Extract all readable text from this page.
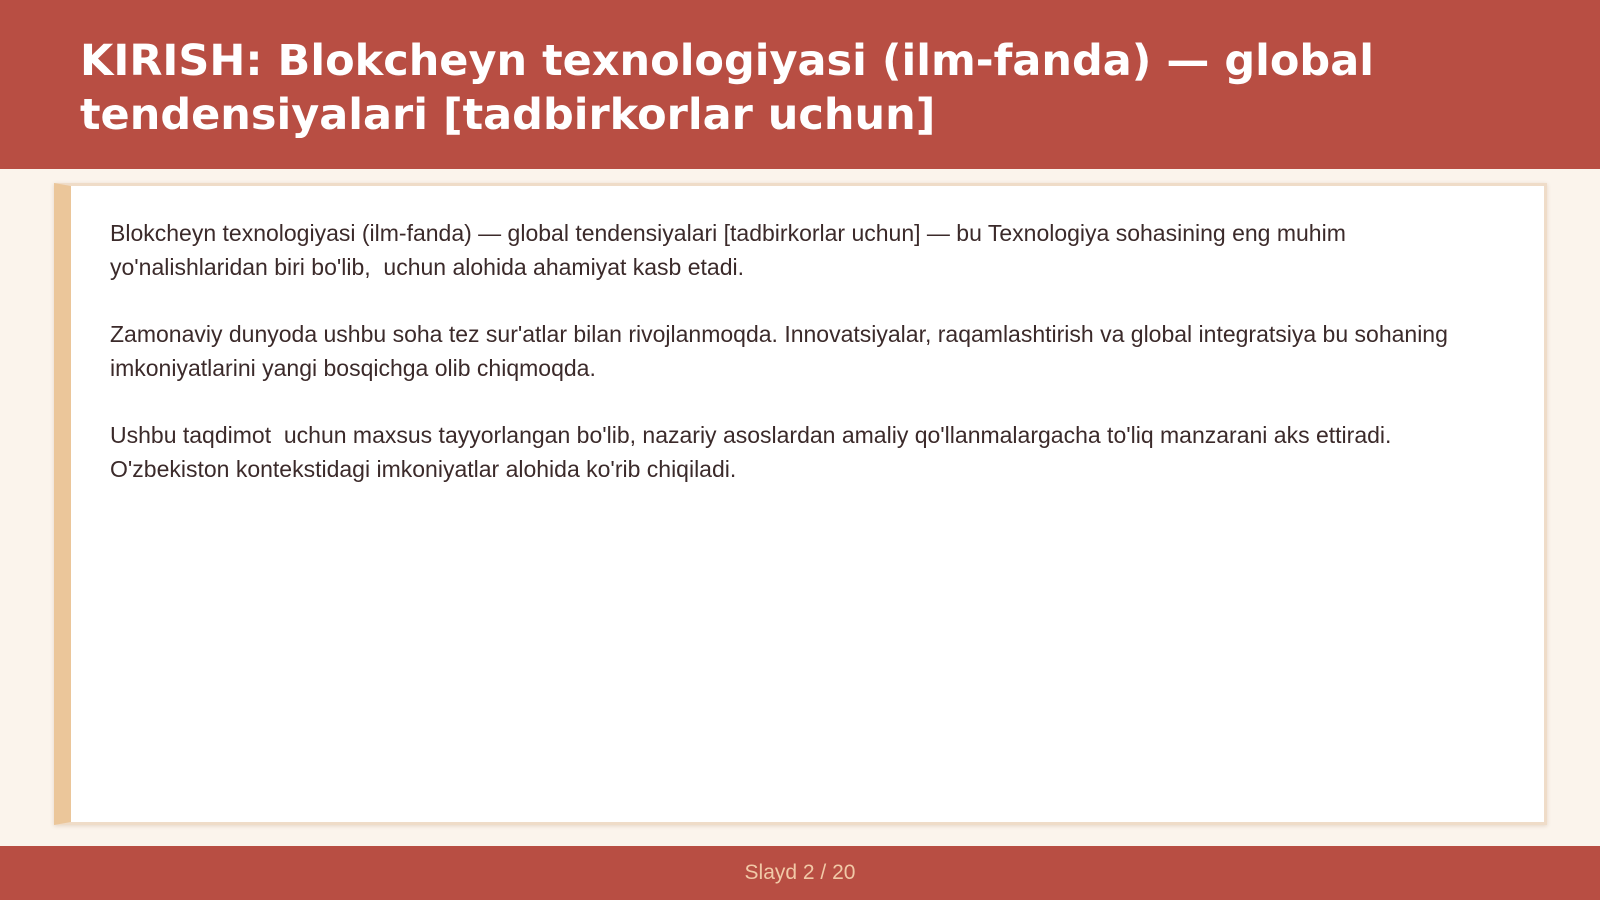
KIRISH: Blokcheyn texnologiyasi (ilm-fanda) — global tendensiyalari [tadbirkorlar uchun]

Blokcheyn texnologiyasi (ilm-fanda) — global tendensiyalari [tadbirkorlar uchun] — bu Texnologiya sohasining eng muhim yo'nalishlaridan biri bo'lib,  uchun alohida ahamiyat kasb etadi.

Zamonaviy dunyoda ushbu soha tez sur'atlar bilan rivojlanmoqda. Innovatsiyalar, raqamlashtirish va global integratsiya bu sohaning imkoniyatlarini yangi bosqichga olib chiqmoqda.

Ushbu taqdimot  uchun maxsus tayyorlangan bo'lib, nazariy asoslardan amaliy qo'llanmalargacha to'liq manzarani aks ettiradi. O'zbekiston kontekstidagi imkoniyatlar alohida ko'rib chiqiladi.

Slayd 2 / 20
